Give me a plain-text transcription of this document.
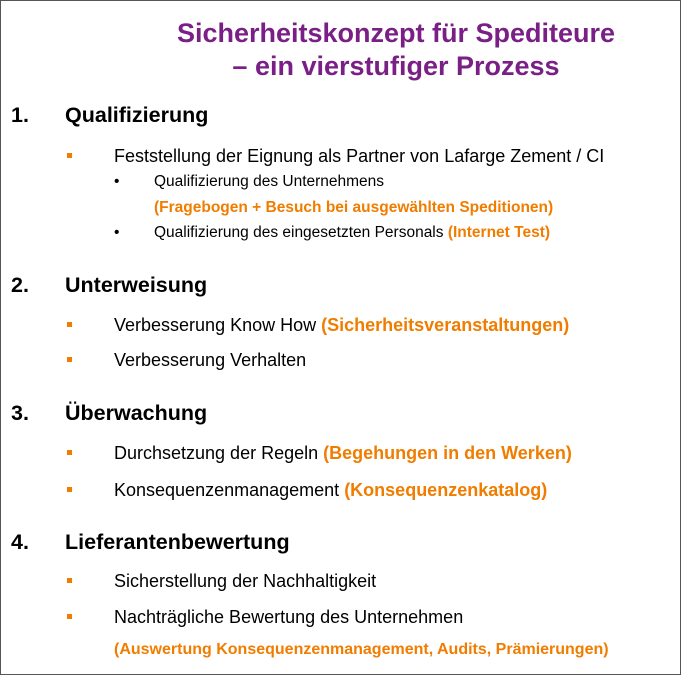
Sicherheitskonzept für Spediteure
– ein vierstufiger Prozess
1. Qualifizierung
Feststellung der Eignung als Partner von Lafarge Zement / CI
• Qualifizierung des Unternehmens
(Fragebogen + Besuch bei ausgewählten Speditionen)
• Qualifizierung des eingesetzten Personals (Internet Test)
2. Unterweisung
Verbesserung Know How (Sicherheitsveranstaltungen)
Verbesserung Verhalten
3. Überwachung
Durchsetzung der Regeln (Begehungen in den Werken)
Konsequenzenmanagement (Konsequenzenkatalog)
4. Lieferantenbewertung
Sicherstellung der Nachhaltigkeit
Nachträgliche Bewertung des Unternehmen
(Auswertung Konsequenzenmanagement, Audits, Prämierungen)
